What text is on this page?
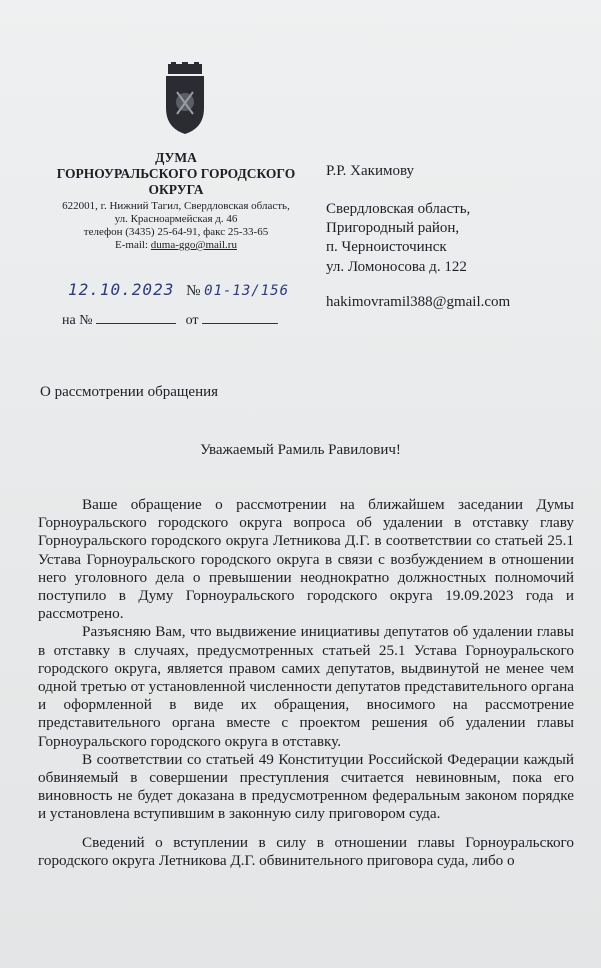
ДУМА
ГОРНОУРАЛЬСКОГО ГОРОДСКОГО
ОКРУГА
622001, г. Нижний Тагил, Свердловская область,
ул. Красноармейская д. 46
телефон (3435) 25-64-91, факс 25-33-65
E-mail: duma-ggo@mail.ru
12.10.2023 № 01-13/156
на №	от
Р.Р. Хакимову
Свердловская область,
Пригородный район,
п. Черноисточинск
ул. Ломоносова д. 122
hakimovramil388@gmail.com
О рассмотрении обращения
Уважаемый Рамиль Равилович!

Ваше обращение о рассмотрении на ближайшем заседании Думы Горноуральского городского округа вопроса об удалении в отставку главу Горноуральского городского округа Летникова Д.Г. в соответствии со статьей 25.1 Устава Горноуральского городского округа в связи с возбуждением в отношении него уголовного дела о превышении неоднократно должностных полномочий поступило в Думу Горноуральского городского округа 19.09.2023 года и рассмотрено.

Разъясняю Вам, что выдвижение инициативы депутатов об удалении главы в отставку в случаях, предусмотренных статьей 25.1 Устава Горноуральского городского округа, является правом самих депутатов, выдвинутой не менее чем одной третью от установленной численности депутатов представительного органа и оформленной в виде их обращения, вносимого на рассмотрение представительного органа вместе с проектом решения об удалении главы Горноуральского городского округа в отставку.

В соответствии со статьей 49 Конституции Российской Федерации каждый обвиняемый в совершении преступления считается невиновным, пока его виновность не будет доказана в предусмотренном федеральным законом порядке и установлена вступившим в законную силу приговором суда.

Сведений о вступлении в силу в отношении главы Горноуральского городского округа Летникова Д.Г. обвинительного приговора суда, либо о
